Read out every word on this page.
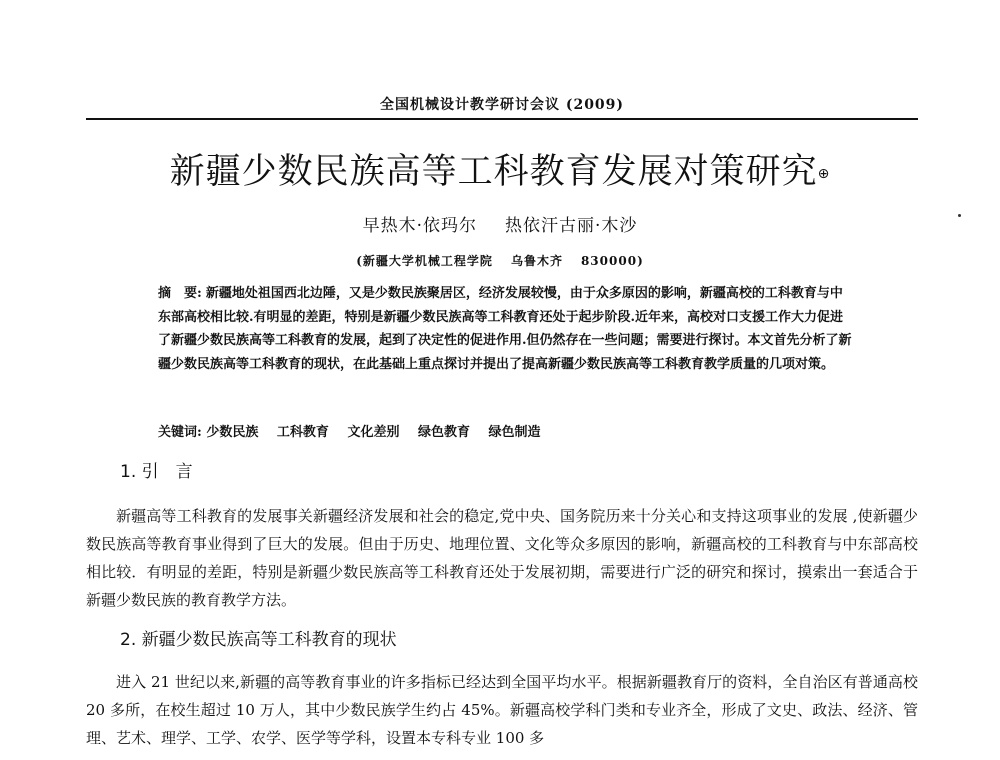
全国机械设计教学研讨会议 (2009)
新疆少数民族高等工科教育发展对策研究⊕
早热木·依玛尔 热依汗古丽·木沙
(新疆大学机械工程学院 乌鲁木齐 830000)

摘　要: 新疆地处祖国西北边陲，又是少数民族聚居区，经济发展较慢，由于众多原因的影响，新疆高校的工科教育与中东部高校相比较.有明显的差距，特别是新疆少数民族高等工科教育还处于起步阶段.近年来，高校对口支援工作大力促进了新疆少数民族高等工科教育的发展，起到了决定性的促进作用.但仍然存在一些问题；需要进行探讨。本文首先分析了新疆少数民族高等工科教育的现状，在此基础上重点探讨并提出了提高新疆少数民族高等工科教育教学质量的几项对策。

关键词: 少数民族 工科教育 文化差别 绿色教育 绿色制造
1. 引　言

新疆高等工科教育的发展事关新疆经济发展和社会的稳定,党中央、国务院历来十分关心和支持这项事业的发展 ,使新疆少数民族高等教育事业得到了巨大的发展。但由于历史、地理位置、文化等众多原因的影响，新疆高校的工科教育与中东部高校相比较．有明显的差距，特别是新疆少数民族高等工科教育还处于发展初期，需要进行广泛的研究和探讨，摸索出一套适合于新疆少数民族的教育教学方法。

2. 新疆少数民族高等工科教育的现状

进入 21 世纪以来,新疆的高等教育事业的许多指标已经达到全国平均水平。根据新疆教育厅的资料，全自治区有普通高校 20 多所，在校生超过 10 万人，其中少数民族学生约占 45%。新疆高校学科门类和专业齐全，形成了文史、政法、经济、管理、艺术、理学、工学、农学、医学等学科，设置本专科专业 100 多
